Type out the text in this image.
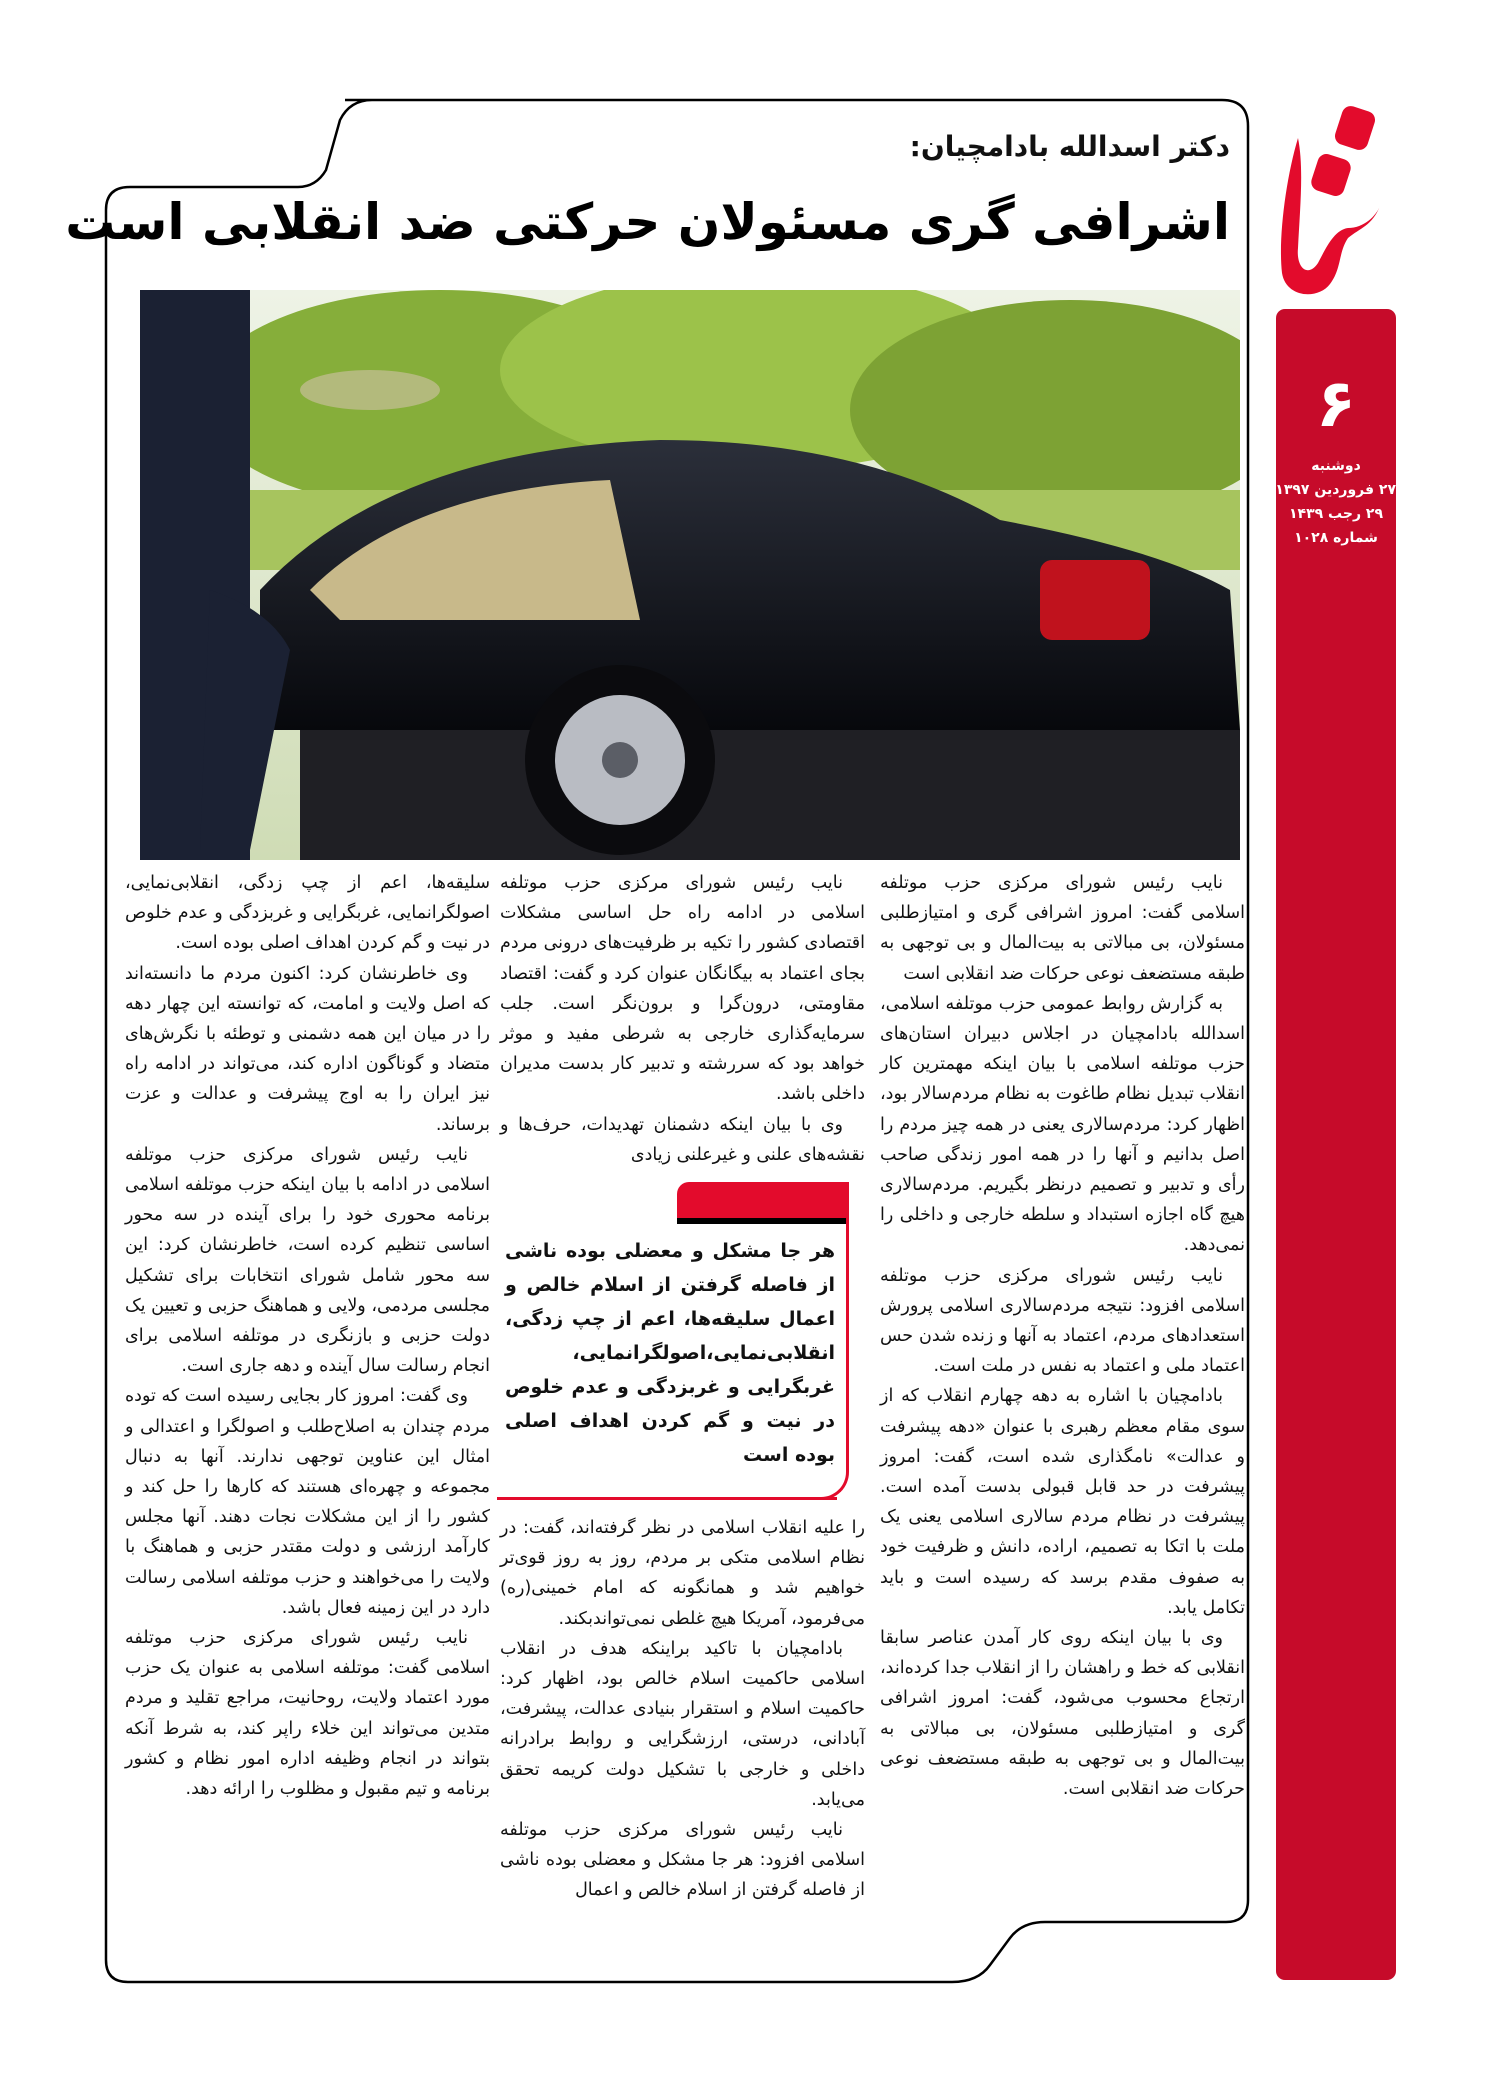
۶
دوشنبه
۲۷ فروردین ۱۳۹۷
۲۹ رجب ۱۴۳۹
شماره ۱۰۲۸
دکتر اسدالله بادامچیان:
اشرافی گری مسئولان حرکتی ضد انقلابی است

نایب رئیس شورای مرکزی حزب موتلفه اسلامی گفت: امروز اشرافی گری و امتیازطلبی مسئولان، بی مبالاتی به بیت‌المال و بی توجهی به طبقه مستضعف نوعی حرکات ضد انقلابی است

به گزارش روابط عمومی حزب موتلفه اسلامی، اسدالله بادامچیان در اجلاس دبیران استان‌های حزب موتلفه اسلامی با بیان اینکه مهمترین کار انقلاب تبدیل نظام طاغوت به نظام مردم‌سالار بود، اظهار کرد: مردم‌سالاری یعنی در همه چیز مردم را اصل بدانیم و آنها را در همه امور زندگی صاحب رأی و تدبیر و تصمیم درنظر بگیریم. مردم‌سالاری هیچ گاه اجازه استبداد و سلطه خارجی و داخلی را نمی‌دهد.

نایب رئیس شورای مرکزی حزب موتلفه اسلامی افزود: نتیجه مردم‌سالاری اسلامی پرورش استعدادهای مردم، اعتماد به آنها و زنده شدن حس اعتماد ملی و اعتماد به نفس در ملت است.

بادامچیان با اشاره به دهه چهارم انقلاب که از سوی مقام معظم رهبری با عنوان «دهه پیشرفت و عدالت» نامگذاری شده است، گفت: امروز پیشرفت در حد قابل قبولی بدست آمده است. پیشرفت در نظام مردم سالاری اسلامی یعنی یک ملت با اتکا به تصمیم، اراده، دانش و ظرفیت خود به صفوف مقدم برسد که رسیده است و باید تکامل یابد.

وی با بیان اینکه روی کار آمدن عناصر سابقا انقلابی که خط و راهشان را از انقلاب جدا کرده‌اند، ارتجاع محسوب می‌شود، گفت: امروز اشرافی گری و امتیازطلبی مسئولان، بی مبالاتی به بیت‌المال و بی توجهی به طبقه مستضعف نوعی حرکات ضد انقلابی است.

نایب رئیس شورای مرکزی حزب موتلفه اسلامی در ادامه راه حل اساسی مشکلات اقتصادی کشور را تکیه بر ظرفیت‌های درونی مردم بجای اعتماد به بیگانگان عنوان کرد و گفت: اقتصاد مقاومتی، درون‌گرا و برون‌نگر است. جلب سرمایه‌گذاری خارجی به شرطی مفید و موثر خواهد بود که سررشته و تدبیر کار بدست مدیران داخلی باشد.

وی با بیان اینکه دشمنان تهدیدات، حرف‌ها و نقشه‌های علنی و غیرعلنی زیادی

هر جا مشکل و معضلی بوده ناشی از فاصله گرفتن از اسلام خالص و اعمال سلیقه‌ها، اعم از چپ زدگی، انقلابی‌نمایی،اصولگرانمایی، غربگرایی و غربزدگی و عدم خلوص در نیت و گم کردن اهداف اصلی بوده است

را علیه انقلاب اسلامی در نظر گرفته‌اند، گفت: در نظام اسلامی متکی بر مردم، روز به روز قوی‌تر خواهیم شد و همانگونه که امام خمینی(ره) می‌فرمود، آمریکا هیچ غلطی نمی‌تواندبکند.

بادامچیان با تاکید براینکه هدف در انقلاب اسلامی حاکمیت اسلام خالص بود، اظهار کرد: حاکمیت اسلام و استقرار بنیادی عدالت، پیشرفت، آبادانی، درستی، ارزشگرایی و روابط برادرانه داخلی و خارجی با تشکیل دولت کریمه تحقق می‌یابد.

نایب رئیس شورای مرکزی حزب موتلفه اسلامی افزود: هر جا مشکل و معضلی بوده ناشی از فاصله گرفتن از اسلام خالص و اعمال

سلیقه‌ها، اعم از چپ زدگی، انقلابی‌نمایی، اصولگرانمایی، غربگرایی و غربزدگی و عدم خلوص در نیت و گم کردن اهداف اصلی بوده است.

وی خاطرنشان کرد: اکنون مردم ما دانسته‌اند که اصل ولایت و امامت، که توانسته این چهار دهه را در میان این همه دشمنی و توطئه با نگرش‌های متضاد و گوناگون اداره کند، می‌تواند در ادامه راه نیز ایران را به اوج پیشرفت و عدالت و عزت برساند.

نایب رئیس شورای مرکزی حزب موتلفه اسلامی در ادامه با بیان اینکه حزب موتلفه اسلامی برنامه محوری خود را برای آینده در سه محور اساسی تنظیم کرده است، خاطرنشان کرد: این سه محور شامل شورای انتخابات برای تشکیل مجلسی مردمی، ولایی و هماهنگ حزبی و تعیین یک دولت حزبی و بازنگری در موتلفه اسلامی برای انجام رسالت سال آینده و دهه جاری است.

وی گفت: امروز کار بجایی رسیده است که توده مردم چندان به اصلاح‌طلب و اصولگرا و اعتدالی و امثال این عناوین توجهی ندارند. آنها به دنبال مجموعه و چهره‌ای هستند که کارها را حل کند و کشور را از این مشکلات نجات دهند. آنها مجلس کارآمد ارزشی و دولت مقتدر حزبی و هماهنگ با ولایت را می‌خواهند و حزب موتلفه اسلامی رسالت دارد در این زمینه فعال باشد.

نایب رئیس شورای مرکزی حزب موتلفه اسلامی گفت: موتلفه اسلامی به عنوان یک حزب مورد اعتماد ولایت، روحانیت، مراجع تقلید و مردم متدین می‌تواند این خلاء راپر کند، به شرط آنکه بتواند در انجام وظیفه اداره امور نظام و کشور برنامه و تیم مقبول و مظلوب را ارائه دهد.
